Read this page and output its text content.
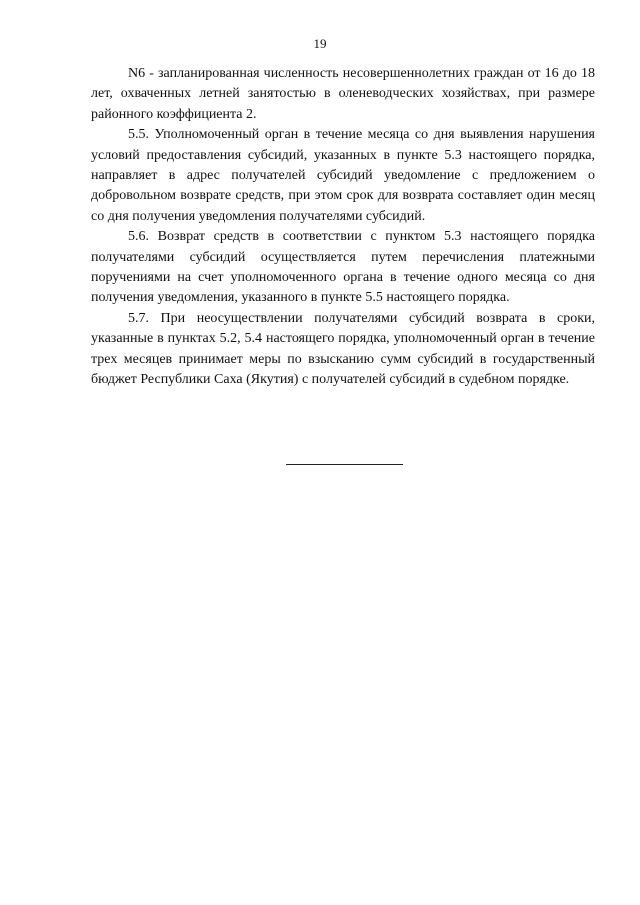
19

N6 - запланированная численность несовершеннолетних граждан от 16 до 18 лет, охваченных летней занятостью в оленеводческих хозяйствах, при размере районного коэффициента 2.

5.5. Уполномоченный орган в течение месяца со дня выявления нарушения условий предоставления субсидий, указанных в пункте 5.3 настоящего порядка, направляет в адрес получателей субсидий уведомление с предложением о добровольном возврате средств, при этом срок для возврата составляет один месяц со дня получения уведомления получателями субсидий.

5.6. Возврат средств в соответствии с пунктом 5.3 настоящего порядка получателями субсидий осуществляется путем перечисления платежными поручениями на счет уполномоченного органа в течение одного месяца со дня получения уведомления, указанного в пункте 5.5 настоящего порядка.

5.7. При неосуществлении получателями субсидий возврата в сроки, указанные в пунктах 5.2, 5.4 настоящего порядка, уполномоченный орган в течение трех месяцев принимает меры по взысканию сумм субсидий в государственный бюджет Республики Саха (Якутия) с получателей субсидий в судебном порядке.
